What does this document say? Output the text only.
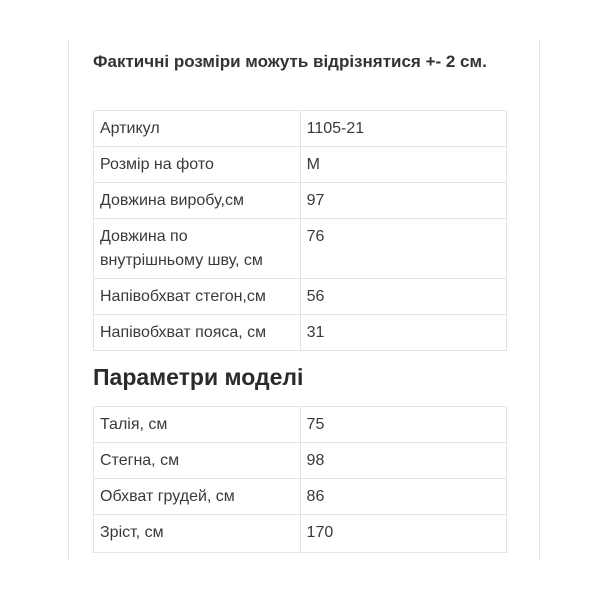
Фактичні розміри можуть відрізнятися +- 2 см.

Артикул	1105-21
Розмір на фото	M
Довжина виробу,см	97
Довжина по внутрішньому шву, см	76
Напівобхват стегон,см	56
Напівобхват пояса, см	31
Параметри моделі
Талія, см	75
Стегна, см	98
Обхват грудей, см	86
Зріст, см	170
